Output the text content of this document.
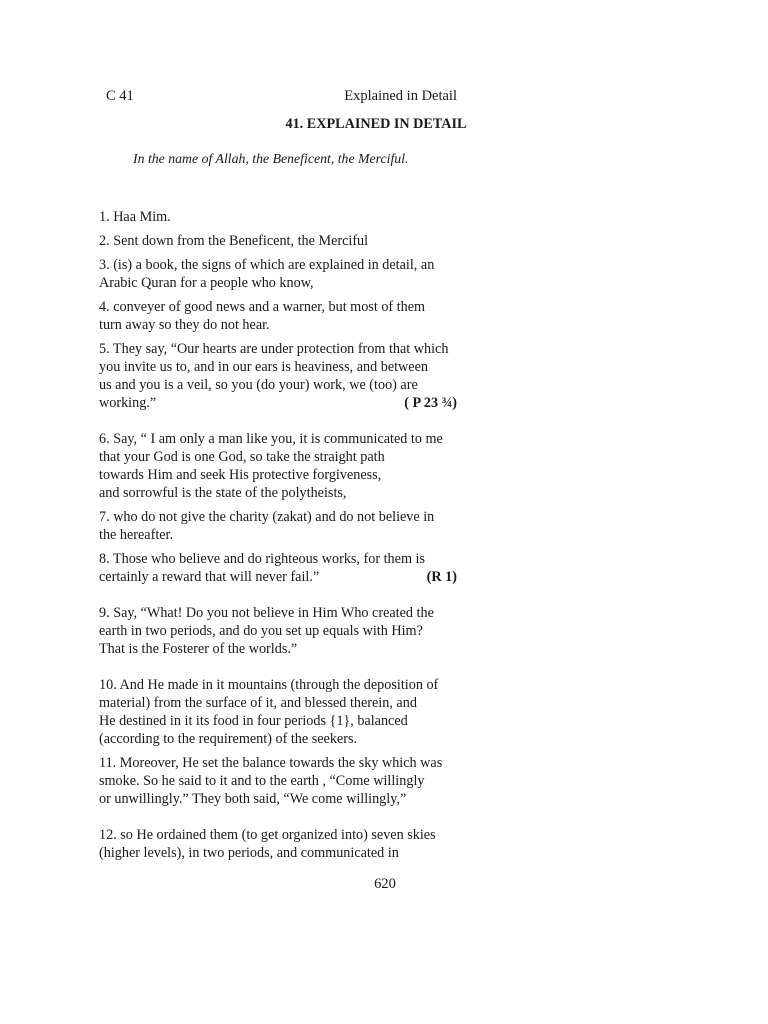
C 41	Explained in Detail
41. EXPLAINED IN DETAIL
In the name of Allah, the Beneficent, the Merciful.

1. Haa Mim.

2. Sent down from the Beneficent, the Merciful

3. (is) a book, the signs of which are explained in detail, an
Arabic Quran for a people who know,

4. conveyer of good news and a warner, but most of them
turn away so they do not hear.

5. They say, “Our hearts are under protection from that which
you invite us to, and in our ears is heaviness, and between
us and you is a veil, so you (do your) work, we (too) are
working.”	( P 23 ¾)

6. Say, “ I am only a man like you, it is communicated to me
that your God is one God, so take the straight path
towards Him and seek His protective forgiveness,
and sorrowful is the state of the polytheists,

7. who do not give the charity (zakat) and do not believe in
the hereafter.

8. Those who believe and do righteous works, for them is
certainly a reward that will never fail.”	(R 1)

9. Say, “What! Do you not believe in Him Who created the
earth in two periods, and do you set up equals with Him?
That is the Fosterer of the worlds.”

10. And He made in it mountains (through the deposition of
material) from the surface of it, and blessed therein, and
He destined in it its food in four periods {1}, balanced
(according to the requirement) of the seekers.

11. Moreover, He set the balance towards the sky which was
smoke. So he said to it and to the earth , “Come willingly
or unwillingly.” They both said, “We come willingly,”

12. so He ordained them (to get organized into) seven skies
(higher levels), in two periods, and communicated in

620
